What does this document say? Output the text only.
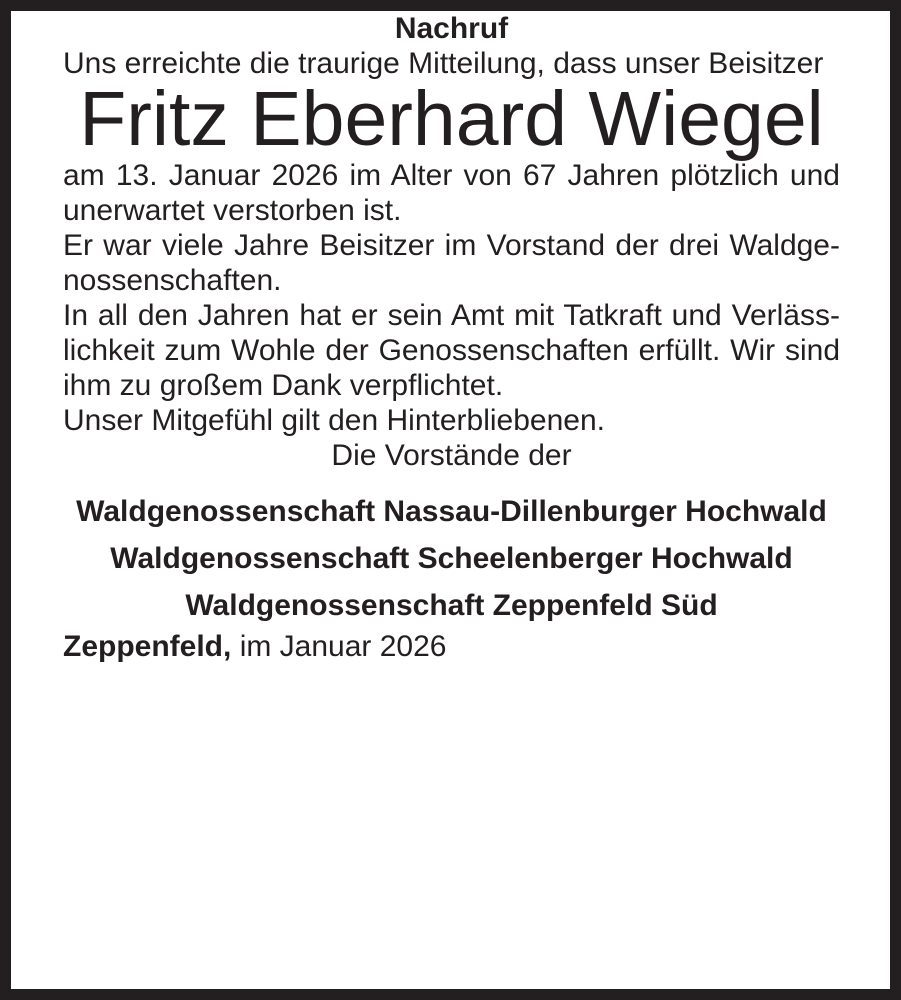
Nachruf

Uns erreichte die traurige Mitteilung, dass unser Beisitzer

Fritz Eberhard Wiegel

am 13. Januar 2026 im Alter von 67 Jahren plötzlich und unerwartet verstorben ist.

Er war viele Jahre Beisitzer im Vorstand der drei Waldgenossenschaften.

In all den Jahren hat er sein Amt mit Tatkraft und Verlässlichkeit zum Wohle der Genossenschaften erfüllt. Wir sind ihm zu großem Dank verpflichtet.

Unser Mitgefühl gilt den Hinterbliebenen.

Die Vorstände der

Waldgenossenschaft Nassau-Dillenburger Hochwald

Waldgenossenschaft Scheelenberger Hochwald

Waldgenossenschaft Zeppenfeld Süd

Zeppenfeld, im Januar 2026
